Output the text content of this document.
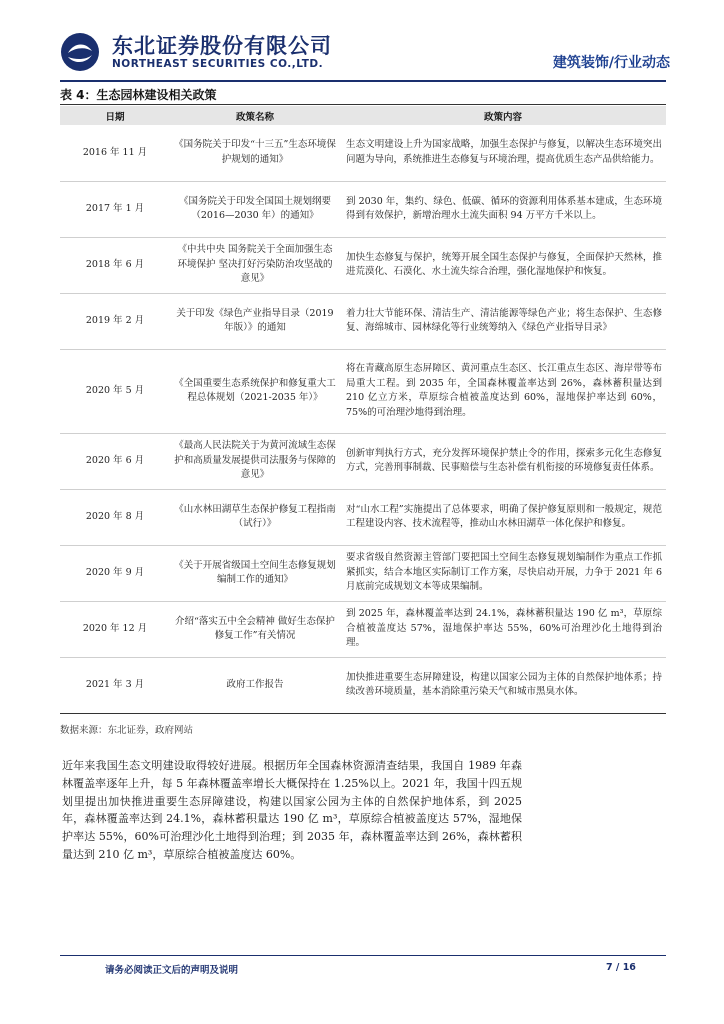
东北证券股份有限公司
NORTHEAST SECURITIES CO.,LTD.	建筑装饰/行业动态
表 4：生态园林建设相关政策
日期	政策名称	政策内容
2016 年 11 月	《国务院关于印发“十三五”生态环境保护规划的通知》	生态文明建设上升为国家战略，加强生态保护与修复，以解决生态环境突出问题为导向，系统推进生态修复与环境治理，提高优质生态产品供给能力。
2017 年 1 月	《国务院关于印发全国国土规划纲要（2016—2030 年）的通知》	到 2030 年，集约、绿色、低碳、循环的资源利用体系基本建成，生态环境得到有效保护，新增治理水土流失面积 94 万平方千米以上。
2018 年 6 月	《中共中央 国务院关于全面加强生态环境保护 坚决打好污染防治攻坚战的意见》	加快生态修复与保护，统筹开展全国生态保护与修复，全面保护天然林，推进荒漠化、石漠化、水土流失综合治理，强化湿地保护和恢复。
2019 年 2 月	关于印发《绿色产业指导目录（2019 年版）》的通知	着力壮大节能环保、清洁生产、清洁能源等绿色产业；将生态保护、生态修复、海绵城市、园林绿化等行业统筹纳入《绿色产业指导目录》
2020 年 5 月	《全国重要生态系统保护和修复重大工程总体规划（2021-2035 年）》	将在青藏高原生态屏障区、黄河重点生态区、长江重点生态区、海岸带等布局重大工程。到 2035 年，全国森林覆盖率达到 26%，森林蓄积量达到 210 亿立方米，草原综合植被盖度达到 60%，湿地保护率达到 60%，75%的可治理沙地得到治理。
2020 年 6 月	《最高人民法院关于为黄河流域生态保护和高质量发展提供司法服务与保障的意见》	创新审判执行方式，充分发挥环境保护禁止令的作用，探索多元化生态修复方式，完善刑事制裁、民事赔偿与生态补偿有机衔接的环境修复责任体系。
2020 年 8 月	《山水林田湖草生态保护修复工程指南（试行）》	对“山水工程”实施提出了总体要求，明确了保护修复原则和一般规定，规范工程建设内容、技术流程等，推动山水林田湖草一体化保护和修复。
2020 年 9 月	《关于开展省级国土空间生态修复规划编制工作的通知》	要求省级自然资源主管部门要把国土空间生态修复规划编制作为重点工作抓紧抓实，结合本地区实际制订工作方案，尽快启动开展，力争于 2021 年 6 月底前完成规划文本等成果编制。
2020 年 12 月	介绍“落实五中全会精神 做好生态保护修复工作”有关情况	到 2025 年，森林覆盖率达到 24.1%，森林蓄积量达 190 亿 m³，草原综合植被盖度达 57%，湿地保护率达 55%，60%可治理沙化土地得到治理。
2021 年 3 月	政府工作报告	加快推进重要生态屏障建设，构建以国家公园为主体的自然保护地体系；持续改善环境质量，基本消除重污染天气和城市黑臭水体。
数据来源：东北证券，政府网站
近年来我国生态文明建设取得较好进展。根据历年全国森林资源清查结果，我国自 1989 年森林覆盖率逐年上升，每 5 年森林覆盖率增长大概保持在 1.25%以上。2021 年，我国十四五规划里提出加快推进重要生态屏障建设，构建以国家公园为主体的自然保护地体系，到 2025 年，森林覆盖率达到 24.1%，森林蓄积量达 190 亿 m³，草原综合植被盖度达 57%，湿地保护率达 55%，60%可治理沙化土地得到治理；到 2035 年，森林覆盖率达到 26%，森林蓄积量达到 210 亿 m³，草原综合植被盖度达 60%。
请务必阅读正文后的声明及说明	7 / 16
